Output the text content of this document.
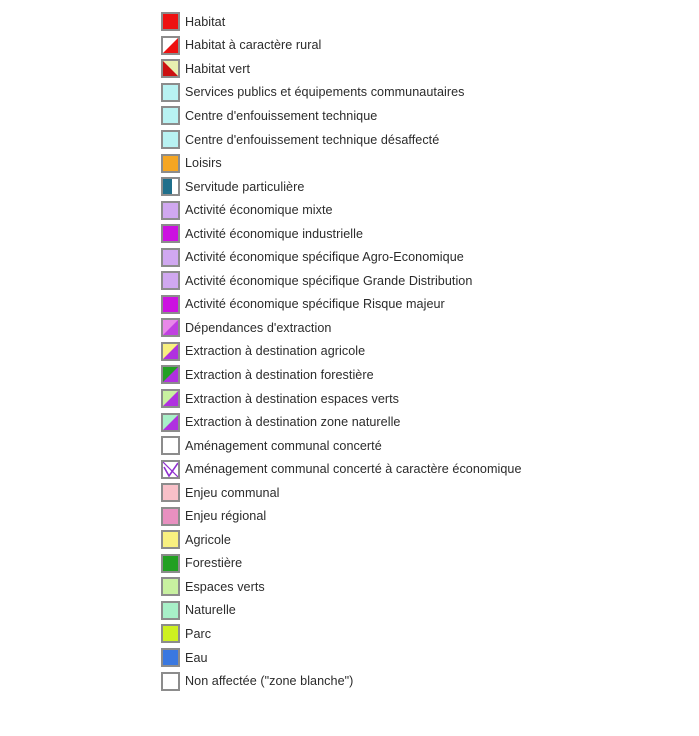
Habitat
Habitat à caractère rural
Habitat vert
Services publics et équipements communautaires
Centre d'enfouissement technique
Centre d'enfouissement technique désaffecté
Loisirs
Servitude particulière
Activité économique mixte
Activité économique industrielle
Activité économique spécifique Agro-Economique
Activité économique spécifique Grande Distribution
Activité économique spécifique Risque majeur
Dépendances d'extraction
Extraction à destination agricole
Extraction à destination forestière
Extraction à destination espaces verts
Extraction à destination zone naturelle
Aménagement communal concerté
Aménagement communal concerté à caractère économique
Enjeu communal
Enjeu régional
Agricole
Forestière
Espaces verts
Naturelle
Parc
Eau
Non affectée ("zone blanche")
